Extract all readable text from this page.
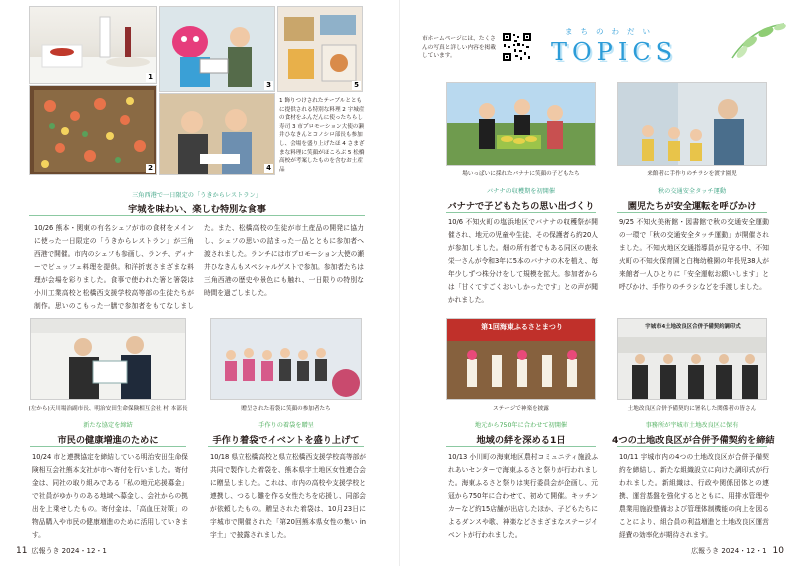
1
2
3	5
4
1 飾りつけされたテーブルとともに提供される特別な料理 2 宇城産の食材をふんだんに使ったちらし寿司 3 市プロモーション大使の瀬井ひなきんとコノシロ部長も参加し、会場を盛り上げたほ 4 さまざまな料理に笑顔がほころぶ 5 松橋高校が考案したものを含むお土産品
三角西港で一日限定の「うきからレストラン」
宇城を味わい、楽しむ特別な食事
10/26 熊本・関東の有名シェフが市の食材をメインに使った一日限定の「うきからレストラン」が三角西港で開催。市内のシェフも参画し、ランチ、ディナーでビュッフェ料理を提供。和洋折衷さまざまな料理が会場を彩りました。食事で使われた箸と箸袋は小川工業高校と松橋西支援学校高等部の生徒たちが制作。思いのこもった一膳で参加者をもてなしました。また、松橋高校の生徒が市土産品の開発に協力し、シェフの思いの詰まった一品とともに参加者へ渡されました。ランチには市プロモーション大使の瀬井ひなきんもスペシャルゲストで参加。参加者たちは三角西港の歴史や景色にも触れ、一日限りの特別な時間を過ごしました。
(左から)天川場治副市長、明治安田生命保険相互会社 村 本部長	贈呈された着袋に笑顔の参加者たち
新たな協定を締結
市民の健康増進のために
10/24 市と連携協定を締結している明治安田生命保険相互会社熊本支社が市へ寄付を行いました。寄付金は、同社の取り組みである「私の地元応援募金」で社員がゆかりのある地域へ募金し、会社からの拠出を上乗せしたもの。寄付金は、「高血圧対策」の物品購入や市民の健康増進のために活用していきます。
手作りの着袋を贈呈
手作り着袋でイベントを盛り上げて
10/18 県立松橋高校と県立松橋西支援学校高等部が共同で製作した着袋を、熊本県宇土地区女性連合会に贈呈しました。これは、市内の高校や支援学校と連携し、つるし雛を作る女性たちを応援し、同部会が依頼したもの。贈呈された着袋は、10月23日に宇城市で開催された「第20回熊本県女性の集い in 宇土」で披露されました。
11 広報うき 2024・12・1
市ホームページには、たくさんの写真と詳しい内容を掲載しています。
まちのわだい
TOPICS
場いっぱいに採れたバナナに笑顔の子どもたち	来館者に手作りのチラシを渡す園児
バナナの収穫期を初開催
バナナで子どもたちの思い出づくり
10/6 不知火町の塩浜地区でバナナの収穫祭が開催され、地元の児童や生徒、その保護者ら約20人が参加しました。畑の所有者でもある同区の鹿永栄一さんが令和3年に5本のバナナの木を植え、毎年少しずつ株分けをして規模を拡大。参加者からは「甘くてすごくおいしかったです」との声が聞かれました。
秋の交通安全タッチ運動
園児たちが安全運転を呼びかけ
9/25 不知火美術館・図書館で秋の交通安全運動の一環で「秋の交通安全タッチ運動」が開催されました。不知火地区交通指導員が見守る中、不知火町の不知火保育園と白梅幼稚園の年長児38人が来館者一人ひとりに「安全運転お願いします」と呼びかけ、手作りのチラシなどを手渡しました。
第1回海東ふるさとまつり
ステージで神楽を披露
宇城市4土地改良区合併予備契約調印式
土地改良区合併予備契約に署名した関係者の皆さん
地元から750年に合わせて初開催
地域の絆を深める1日
10/13 小川町の海東地区農村コミュニティ施設ふれあいセンターで海東ふるさと祭りが行われました。海東ふるさと祭りは実行委員会が企画し、元冦から750年に合わせて、初めて開催。キッチンカーなど約15店舗が出店したほか、子どもたちによるダンスや歌、神楽などさまざまなステージイベントが行われました。
事務所が宇城市土地改良区に保有
4つの土地改良区が合併予備契約を締結
10/11 宇城市内の4つの土地改良区が合併予備契約を締結し、新たな組織設立に向けた調印式が行われました。新組織は、行政や関係団体との連携、運営基盤を強化するとともに、用排水管理や農業用施設整備および管理体制機能の向上を図ることにより、組合員の利益増進と土地改良区運営経費の効率化が期待されます。
広報うき 2024・12・1 10
